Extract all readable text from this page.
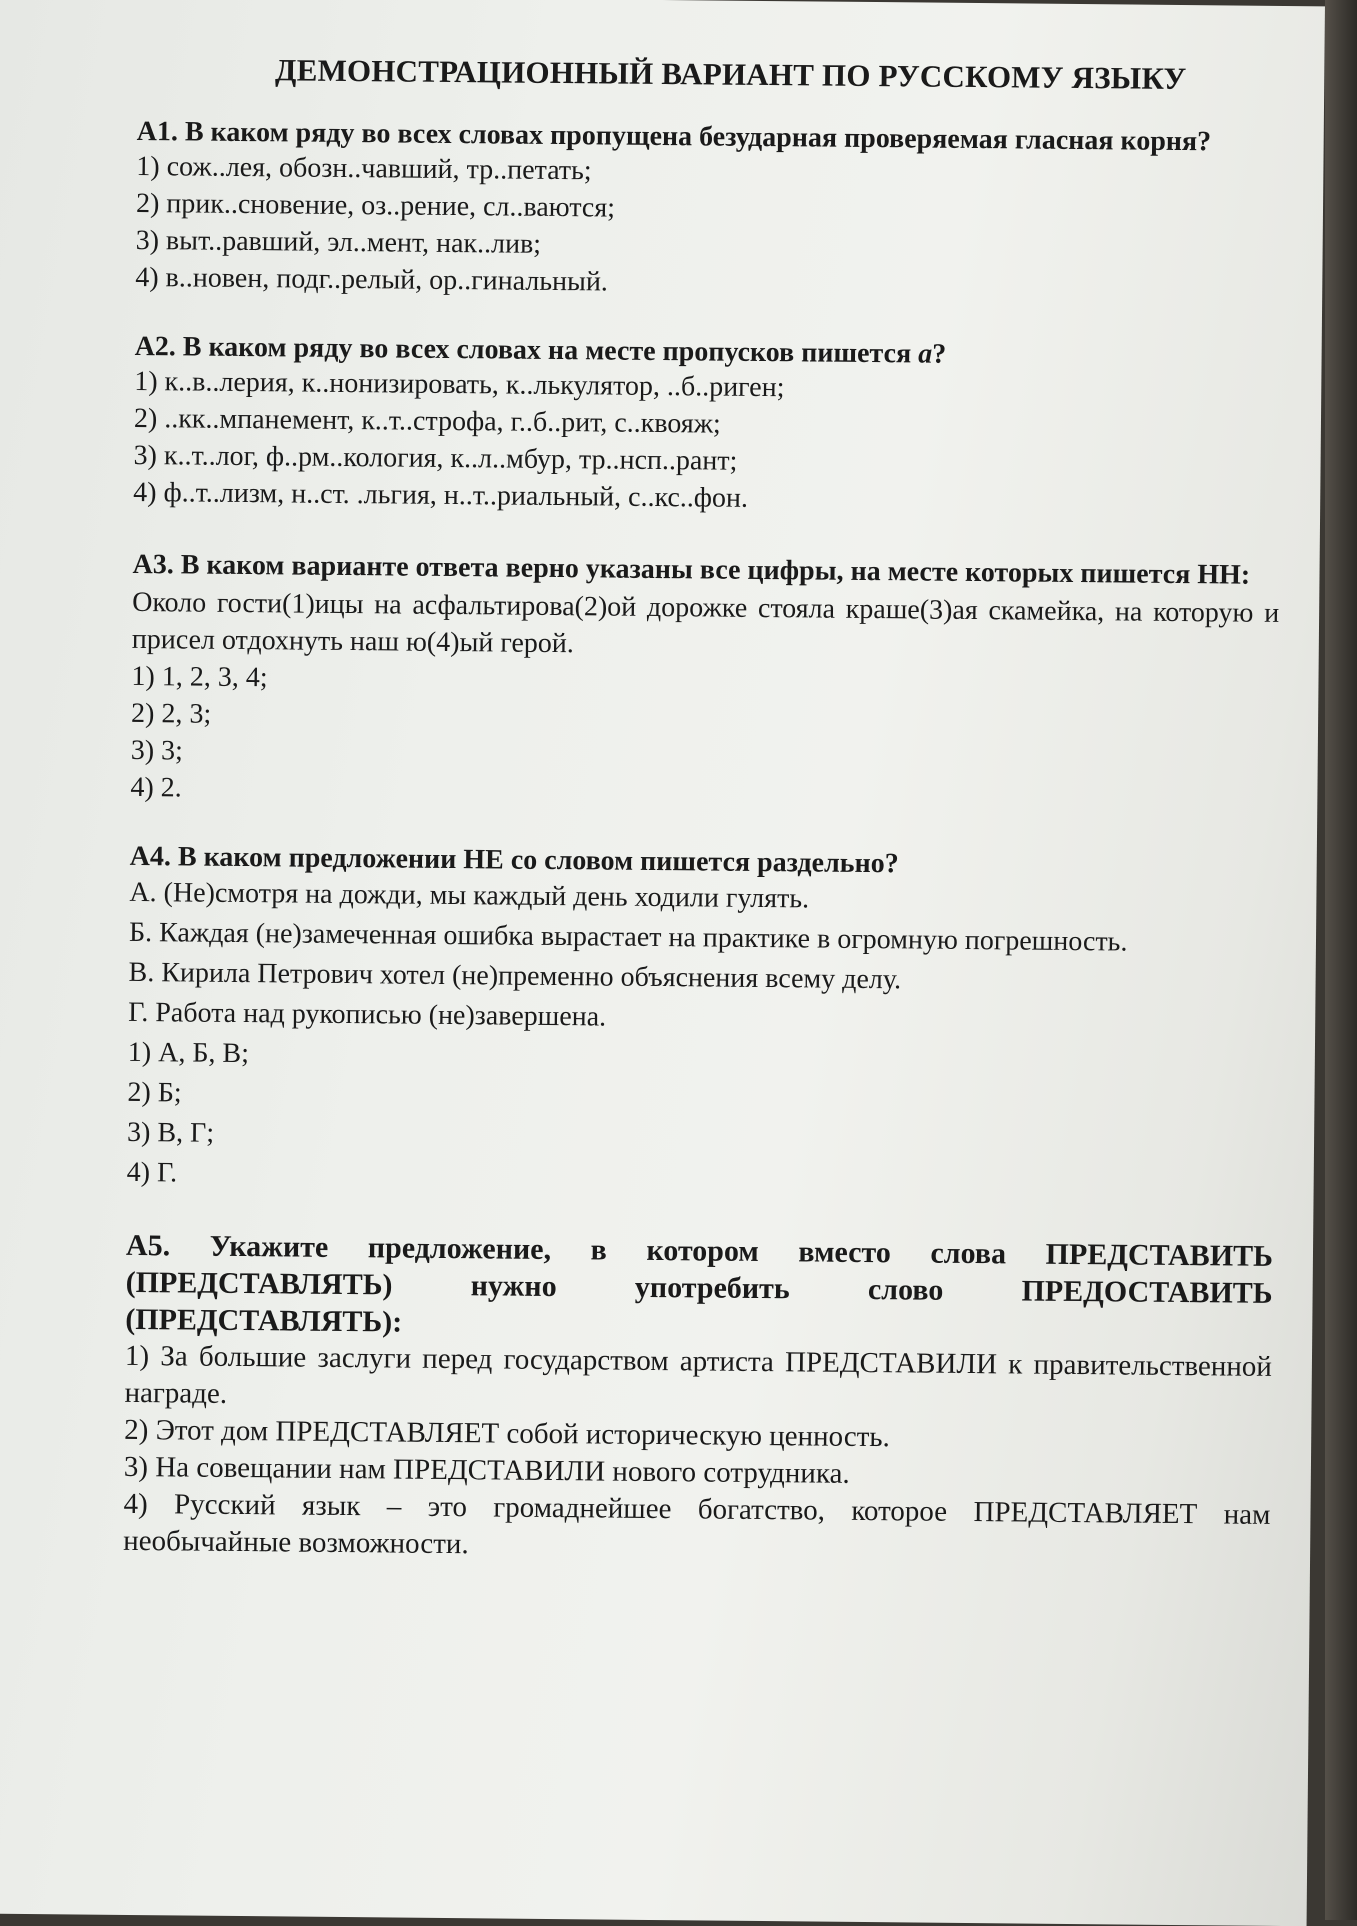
ДЕМОНСТРАЦИОННЫЙ ВАРИАНТ ПО РУССКОМУ ЯЗЫКУ

А1. В каком ряду во всех словах пропущена безударная проверяемая гласная корня?

1) сож..лея, обозн..чавший, тр..петать;

2) прик..сновение, оз..рение, сл..ваются;

3) выт..равший, эл..мент, нак..лив;

4) в..новен, подг..релый, ор..гинальный.

А2. В каком ряду во всех словах на месте пропусков пишется а?

1) к..в..лерия, к..нонизировать, к..лькулятор, ..б..риген;

2) ..кк..мпанемент, к..т..строфа, г..б..рит, с..квояж;

3) к..т..лог, ф..рм..кология, к..л..мбур, тр..нсп..рант;

4) ф..т..лизм, н..ст. .льгия, н..т..риальный, с..кс..фон.

А3. В каком варианте ответа верно указаны все цифры, на месте которых пишется НН:

Около гости(1)ицы на асфальтирова(2)ой дорожке стояла краше(3)ая скамейка, на которую и присел отдохнуть наш ю(4)ый герой.

1) 1, 2, 3, 4;

2) 2, 3;

3) 3;

4) 2.

А4. В каком предложении НЕ со словом пишется раздельно?

А. (Не)смотря на дожди, мы каждый день ходили гулять.

Б. Каждая (не)замеченная ошибка вырастает на практике в огромную погрешность.

В. Кирила Петрович хотел (не)пременно объяснения всему делу.

Г. Работа над рукописью (не)завершена.

1) А, Б, В;

2) Б;

3) В, Г;

4) Г.

А5. Укажите предложение, в котором вместо слова ПРЕДСТАВИТЬ (ПРЕДСТАВЛЯТЬ) нужно употребить слово ПРЕДОСТАВИТЬ (ПРЕДСТАВЛЯТЬ):

1) За большие заслуги перед государством артиста ПРЕДСТАВИЛИ к правительственной награде.

2) Этот дом ПРЕДСТАВЛЯЕТ собой историческую ценность.

3) На совещании нам ПРЕДСТАВИЛИ нового сотрудника.

4) Русский язык – это громаднейшее богатство, которое ПРЕДСТАВЛЯЕТ нам необычайные возможности.
